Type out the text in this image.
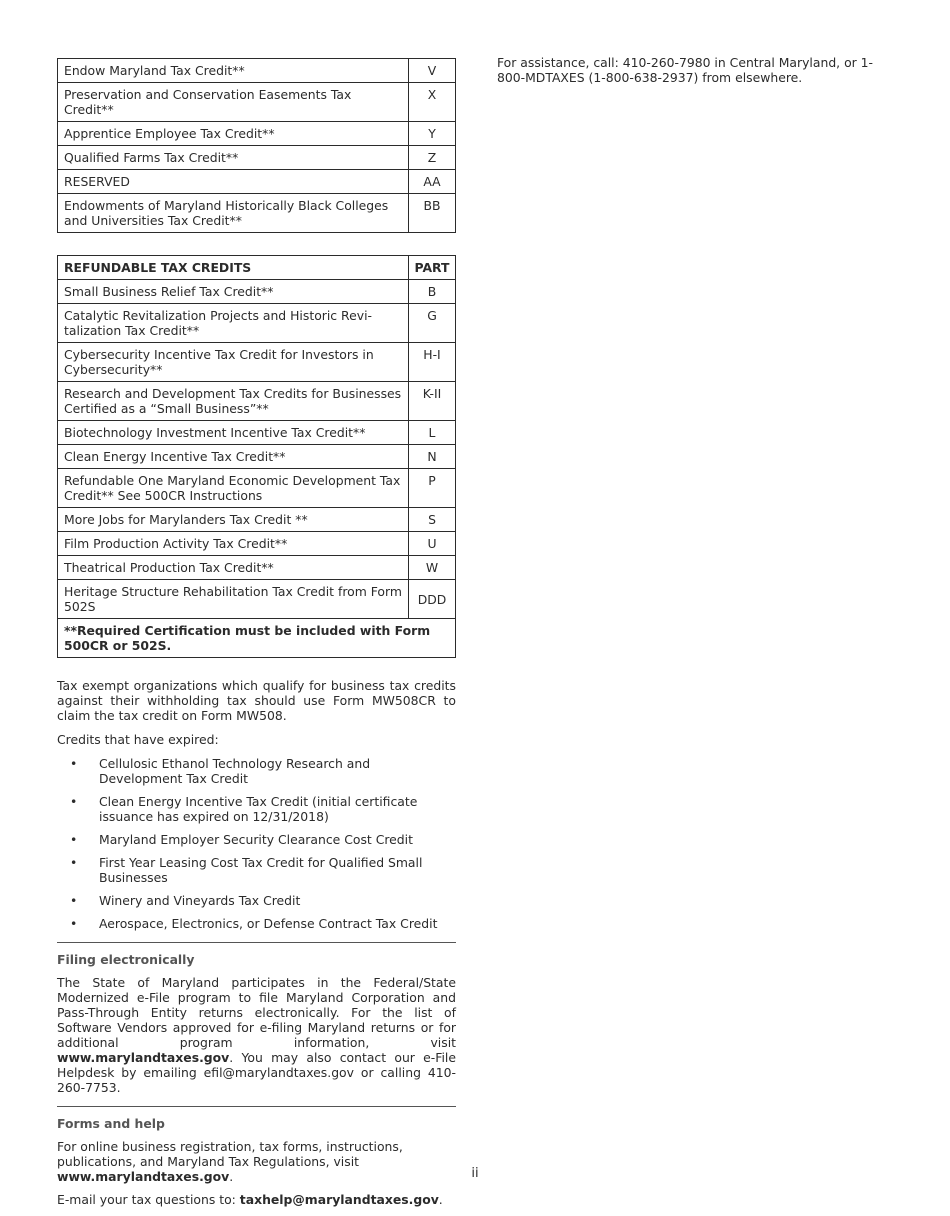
Endow Maryland Tax Credit**	V
Preservation and Conservation Easements Tax Credit**	X
Apprentice Employee Tax Credit**	Y
Qualified Farms Tax Credit**	Z
RESERVED	AA
Endowments of Maryland Historically Black Colleges and Universities Tax Credit**	BB
REFUNDABLE TAX CREDITS	PART
Small Business Relief Tax Credit**	B
Catalytic Revitalization Projects and Historic Revi-talization Tax Credit**	G
Cybersecurity Incentive Tax Credit for Investors in Cybersecurity**	H-I
Research and Development Tax Credits for Businesses Certified as a “Small Business”**	K-II
Biotechnology Investment Incentive Tax Credit**	L
Clean Energy Incentive Tax Credit**	N
Refundable One Maryland Economic Development Tax Credit** See 500CR Instructions	P
More Jobs for Marylanders Tax Credit **	S
Film Production Activity Tax Credit**	U
Theatrical Production Tax Credit**	W
Heritage Structure Rehabilitation Tax Credit from Form 502S	DDD
**Required Certification must be included with Form 500CR or 502S.	

Tax exempt organizations which qualify for business tax credits against their withholding tax should use Form MW508CR to claim the tax credit on Form MW508.

Credits that have expired:

• Cellulosic Ethanol Technology Research and Development Tax Credit
• Clean Energy Incentive Tax Credit (initial certificate issuance has expired on 12/31/2018)
• Maryland Employer Security Clearance Cost Credit
• First Year Leasing Cost Tax Credit for Qualified Small Businesses
• Winery and Vineyards Tax Credit
• Aerospace, Electronics, or Defense Contract Tax Credit
Filing electronically

The State of Maryland participates in the Federal/State Modernized e-File program to file Maryland Corporation and Pass-Through Entity returns electronically. For the list of Software Vendors approved for e-filing Maryland returns or for additional program information, visit www.marylandtaxes.gov. You may also contact our e-File Helpdesk by emailing efil@marylandtaxes.gov or calling 410-260-7753.

Forms and help

For online business registration, tax forms, instructions, publications, and Maryland Tax Regulations, visit www.marylandtaxes.gov.

E-mail your tax questions to: taxhelp@marylandtaxes.gov.

For assistance, call: 410-260-7980 in Central Maryland, or 1-800-MDTAXES (1-800-638-2937) from elsewhere.

ii
